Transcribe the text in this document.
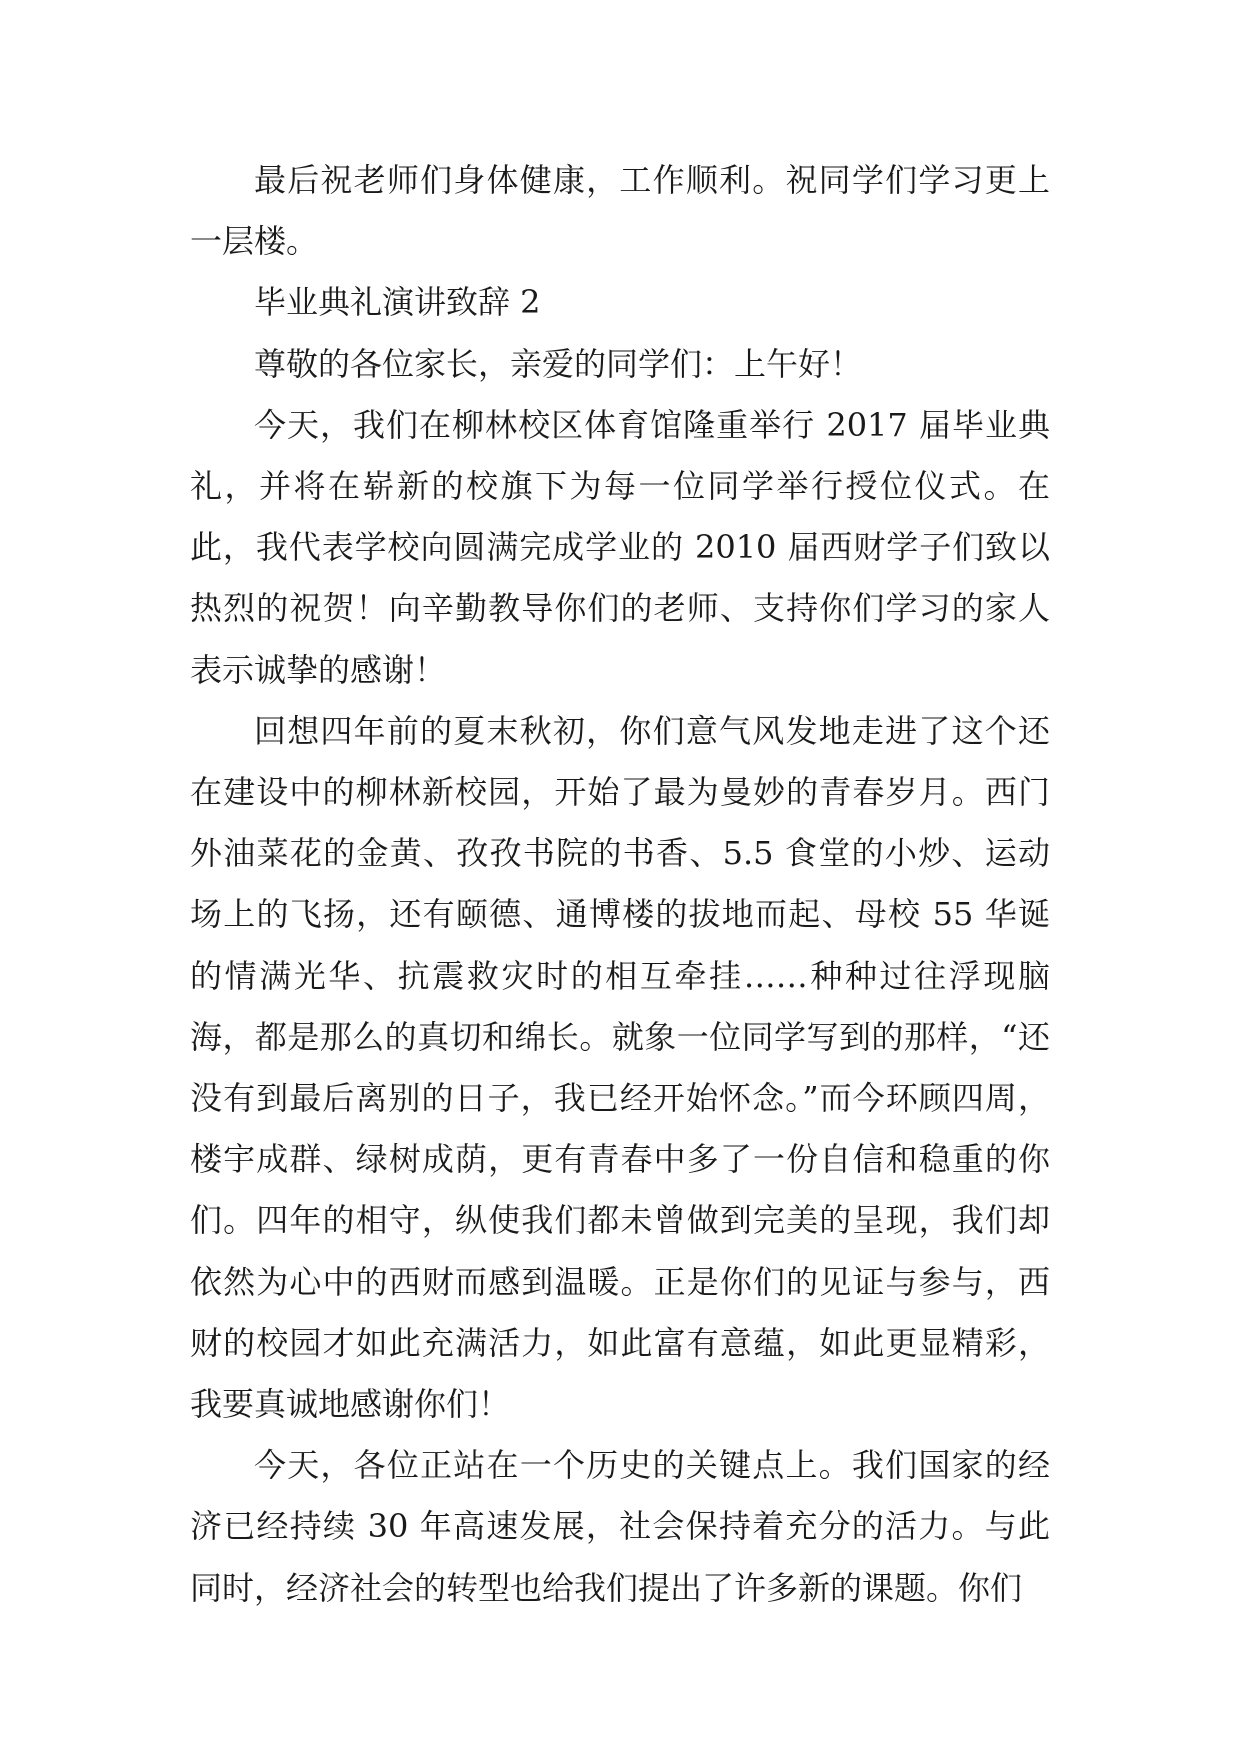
最后祝老师们身体健康，工作顺利。祝同学们学习更上一层楼。

毕业典礼演讲致辞 2

尊敬的各位家长，亲爱的同学们：上午好！

今天，我们在柳林校区体育馆隆重举行 2017 届毕业典礼，并将在崭新的校旗下为每一位同学举行授位仪式。在此，我代表学校向圆满完成学业的 2010 届西财学子们致以热烈的祝贺！向辛勤教导你们的老师、支持你们学习的家人表示诚挚的感谢！

回想四年前的夏末秋初，你们意气风发地走进了这个还在建设中的柳林新校园，开始了最为曼妙的青春岁月。西门外油菜花的金黄、孜孜书院的书香、5.5 食堂的小炒、运动场上的飞扬，还有颐德、通博楼的拔地而起、母校 55 华诞的情满光华、抗震救灾时的相互牵挂……种种过往浮现脑海，都是那么的真切和绵长。就象一位同学写到的那样，“还没有到最后离别的日子，我已经开始怀念。”而今环顾四周，楼宇成群、绿树成荫，更有青春中多了一份自信和稳重的你们。四年的相守，纵使我们都未曾做到完美的呈现，我们却依然为心中的西财而感到温暖。正是你们的见证与参与，西财的校园才如此充满活力，如此富有意蕴，如此更显精彩，我要真诚地感谢你们！

今天，各位正站在一个历史的关键点上。我们国家的经济已经持续 30 年高速发展，社会保持着充分的活力。与此同时，经济社会的转型也给我们提出了许多新的课题。你们
